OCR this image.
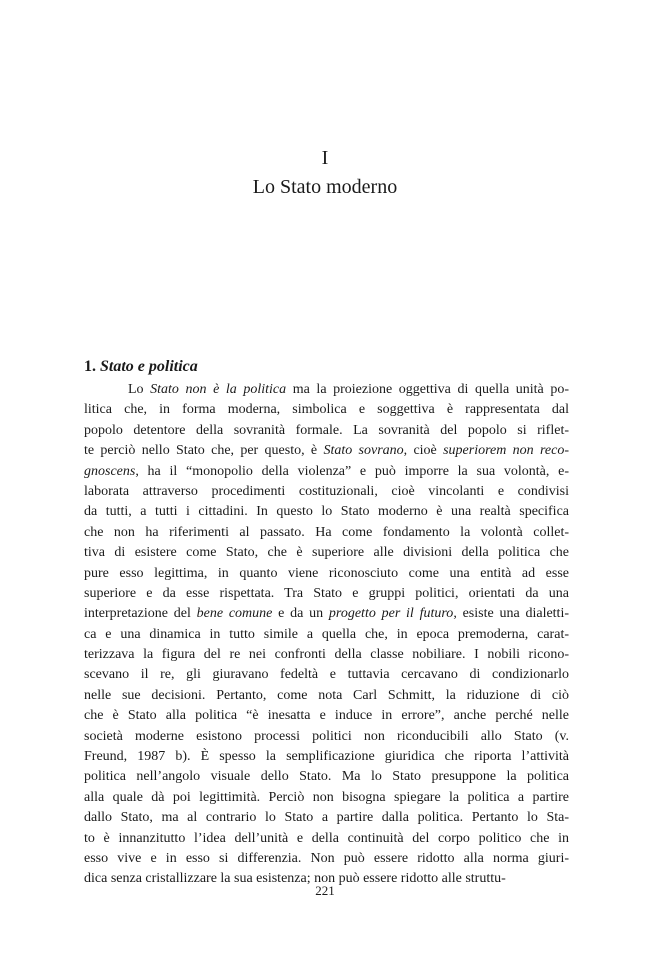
I
Lo Stato moderno
1. Stato e politica
Lo Stato non è la politica ma la proiezione oggettiva di quella unità po-
litica che, in forma moderna, simbolica e soggettiva è rappresentata dal
popolo detentore della sovranità formale. La sovranità del popolo si riflet-
te perciò nello Stato che, per questo, è Stato sovrano, cioè superiorem non reco-
gnoscens, ha il “monopolio della violenza” e può imporre la sua volontà, e-
laborata attraverso procedimenti costituzionali, cioè vincolanti e condivisi
da tutti, a tutti i cittadini. In questo lo Stato moderno è una realtà specifica
che non ha riferimenti al passato. Ha come fondamento la volontà collet-
tiva di esistere come Stato, che è superiore alle divisioni della politica che
pure esso legittima, in quanto viene riconosciuto come una entità ad esse
superiore e da esse rispettata. Tra Stato e gruppi politici, orientati da una
interpretazione del bene comune e da un progetto per il futuro, esiste una dialetti-
ca e una dinamica in tutto simile a quella che, in epoca premoderna, carat-
terizzava la figura del re nei confronti della classe nobiliare. I nobili ricono-
scevano il re, gli giuravano fedeltà e tuttavia cercavano di condizionarlo
nelle sue decisioni. Pertanto, come nota Carl Schmitt, la riduzione di ciò
che è Stato alla politica “è inesatta e induce in errore”, anche perché nelle
società moderne esistono processi politici non riconducibili allo Stato (v.
Freund, 1987 b). È spesso la semplificazione giuridica che riporta l’attività
politica nell’angolo visuale dello Stato. Ma lo Stato presuppone la politica
alla quale dà poi legittimità. Perciò non bisogna spiegare la politica a partire
dallo Stato, ma al contrario lo Stato a partire dalla politica. Pertanto lo Sta-
to è innanzitutto l’idea dell’unità e della continuità del corpo politico che in
esso vive e in esso si differenzia. Non può essere ridotto alla norma giuri-
dica senza cristallizzare la sua esistenza; non può essere ridotto alle struttu-
221
